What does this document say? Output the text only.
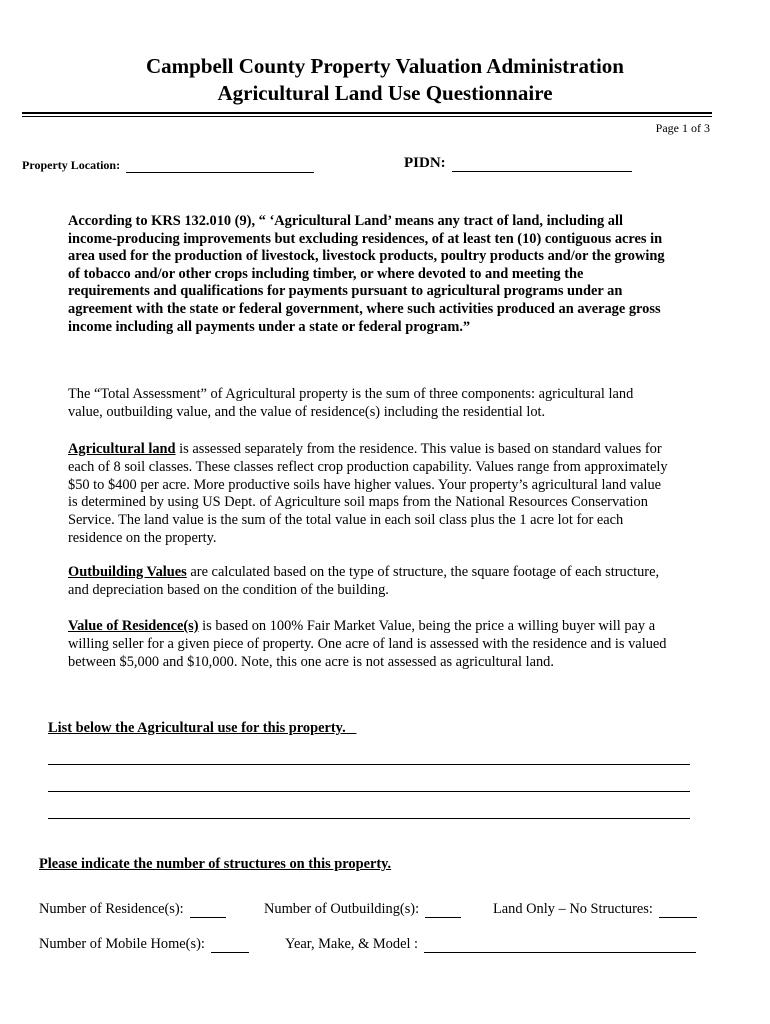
Campbell County Property Valuation Administration
Agricultural Land Use Questionnaire
Page 1 of 3
Property Location:	PIDN:

According to KRS 132.010 (9), “ ‘Agricultural Land’ means any tract of land, including all income-producing improvements but excluding residences, of at least ten (10) contiguous acres in area used for the production of livestock, livestock products, poultry products and/or the growing of tobacco and/or other crops including timber, or where devoted to and meeting the requirements and qualifications for payments pursuant to agricultural programs under an agreement with the state or federal government, where such activities produced an average gross income including all payments under a state or federal program.”

The “Total Assessment” of Agricultural property is the sum of three components: agricultural land value, outbuilding value, and the value of residence(s) including the residential lot.

Agricultural land is assessed separately from the residence. This value is based on standard values for each of 8 soil classes. These classes reflect crop production capability. Values range from approximately $50 to $400 per acre. More productive soils have higher values. Your property’s agricultural land value is determined by using US Dept. of Agriculture soil maps from the National Resources Conservation Service. The land value is the sum of the total value in each soil class plus the 1 acre lot for each residence on the property.

Outbuilding Values are calculated based on the type of structure, the square footage of each structure, and depreciation based on the condition of the building.

Value of Residence(s) is based on 100% Fair Market Value, being the price a willing buyer will pay a willing seller for a given piece of property. One acre of land is assessed with the residence and is valued between $5,000 and $10,000. Note, this one acre is not assessed as agricultural land.

List below the Agricultural use for this property.
Please indicate the number of structures on this property.
Number of Residence(s):	Number of Outbuilding(s):	Land Only – No Structures:
Number of Mobile Home(s):	Year, Make, & Model :
